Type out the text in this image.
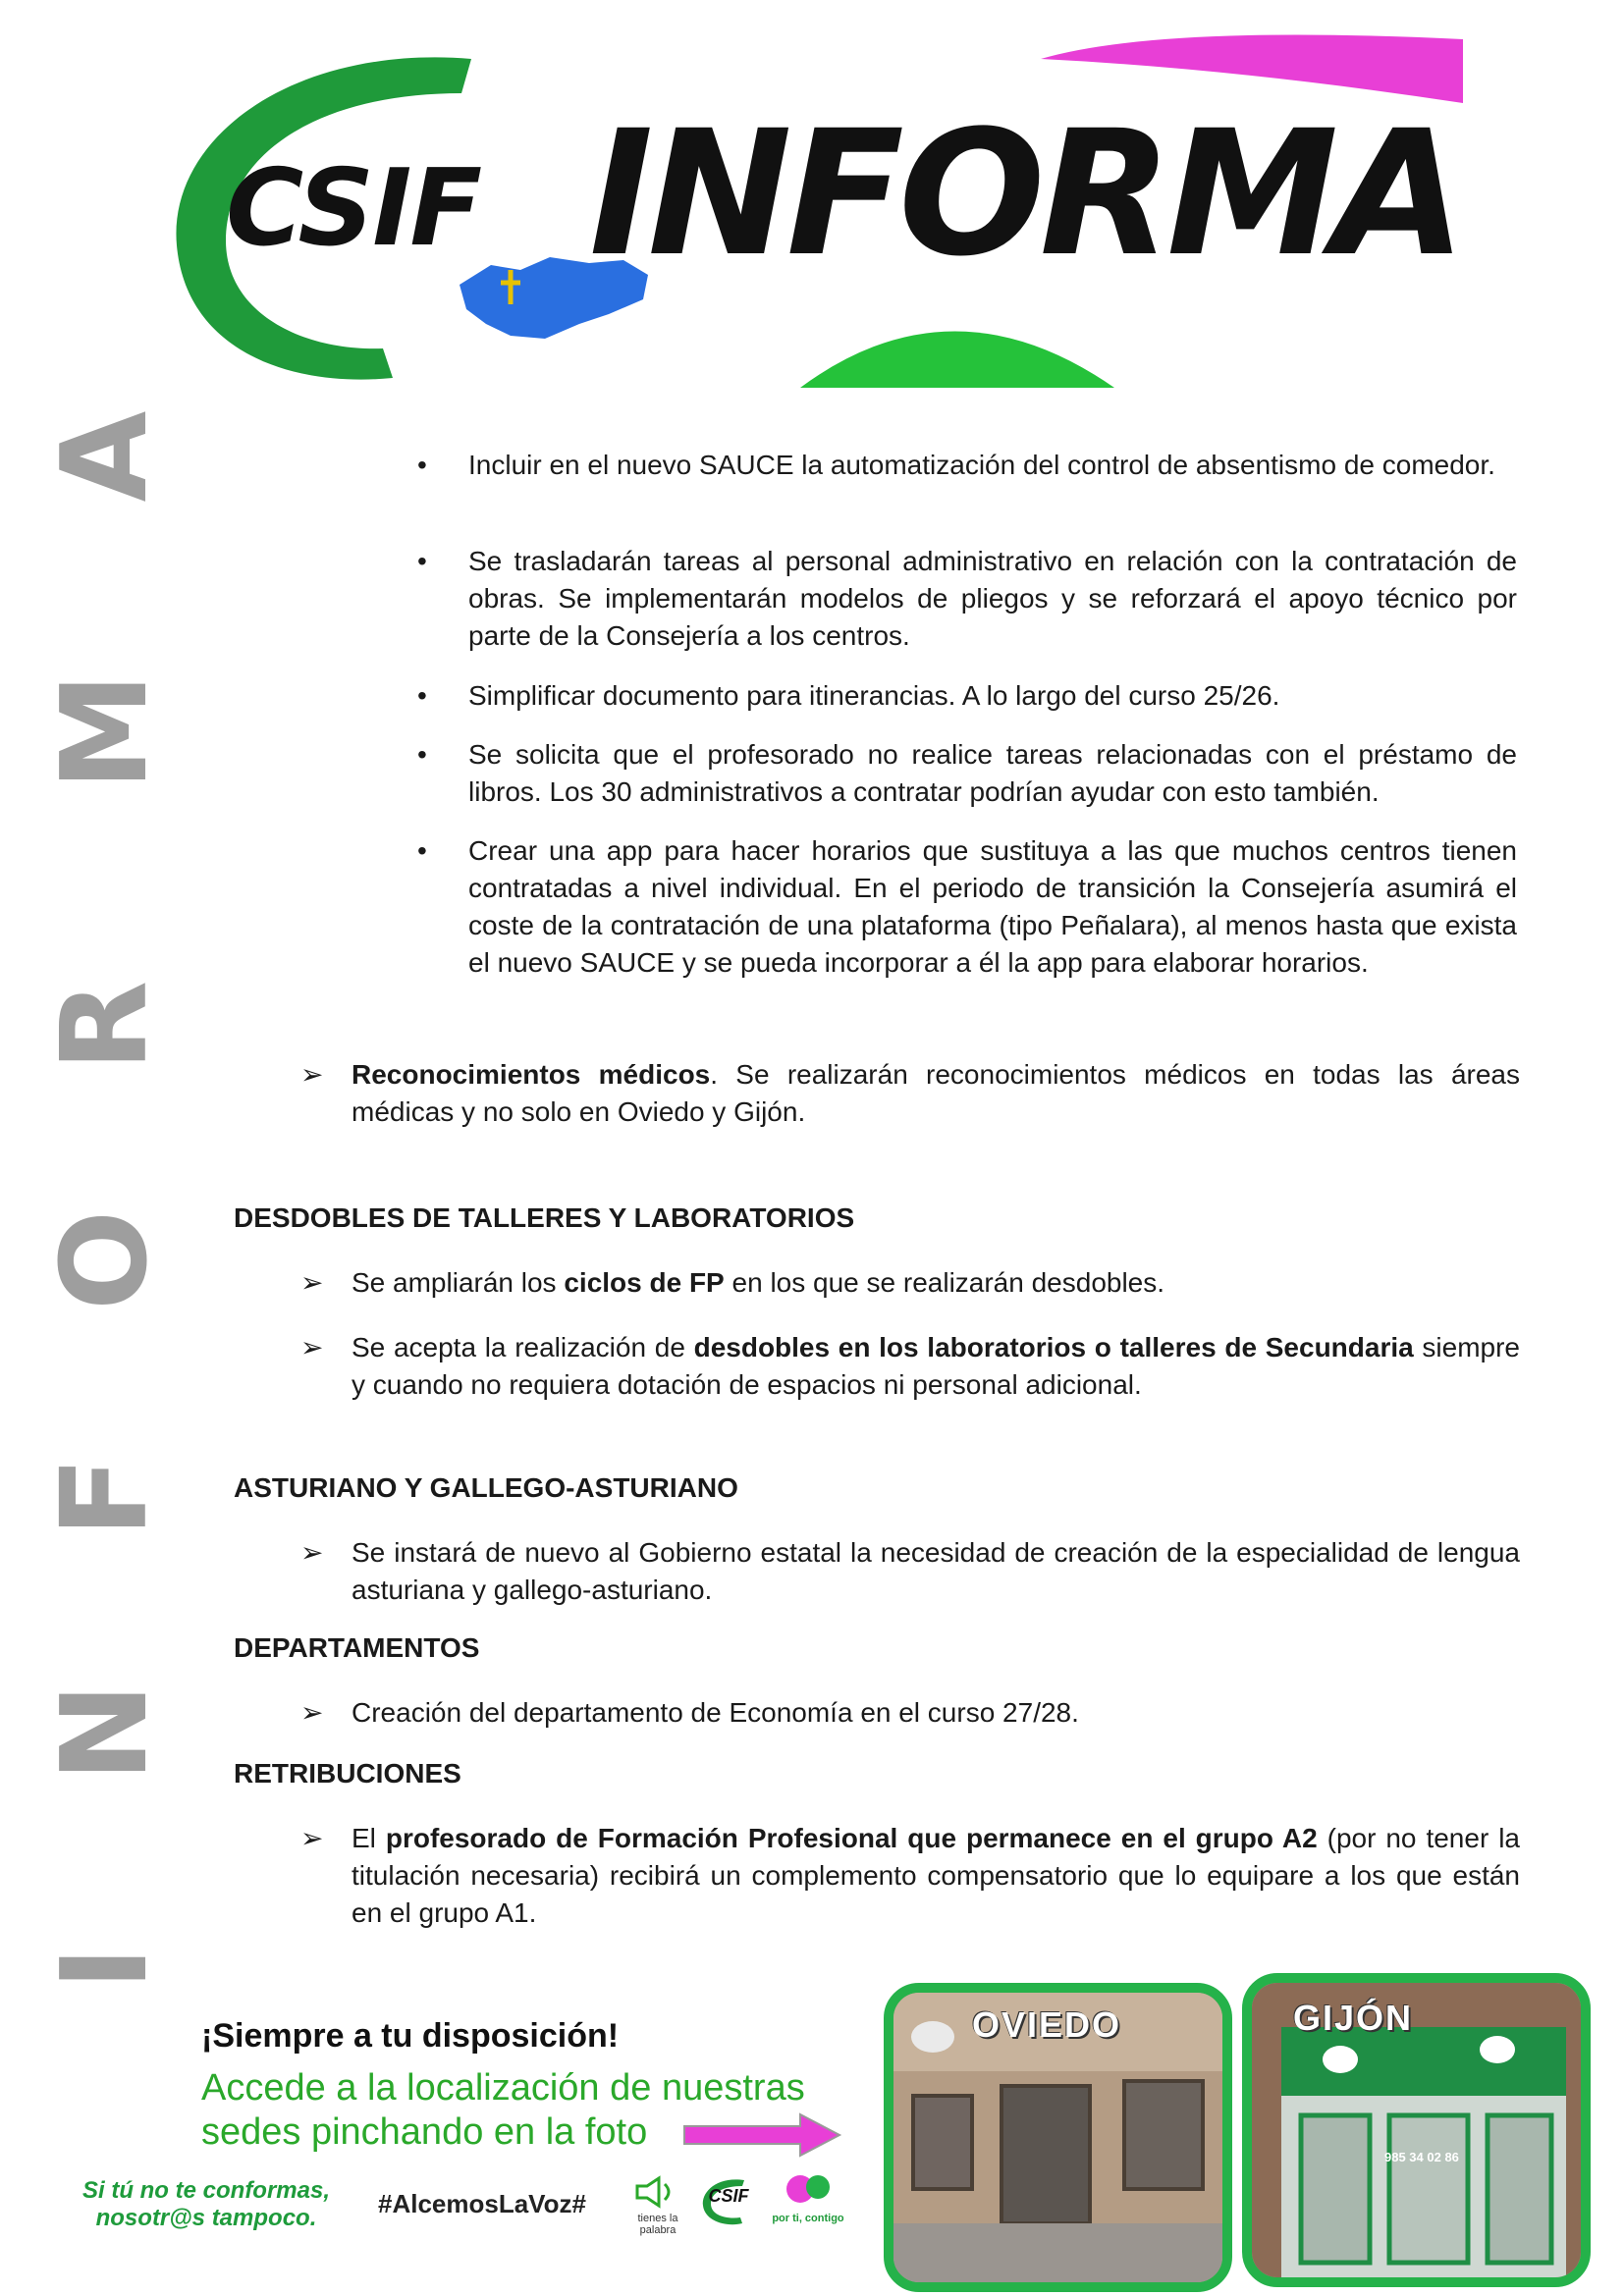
CSIF INFORMA
I
N
F
O
R
M
A	• Incluir en el nuevo SAUCE la automatización del control de absentismo de comedor.
• Se trasladarán tareas al personal administrativo en relación con la contratación de obras. Se implementarán modelos de pliegos y se reforzará el apoyo técnico por parte de la Consejería a los centros.
• Simplificar documento para itinerancias. A lo largo del curso 25/26.
• Se solicita que el profesorado no realice tareas relacionadas con el préstamo de libros. Los 30 administrativos a contratar podrían ayudar con esto también.
• Crear una app para hacer horarios que sustituya a las que muchos centros tienen contratadas a nivel individual. En el periodo de transición la Consejería asumirá el coste de la contratación de una plataforma (tipo Peñalara), al menos hasta que exista el nuevo SAUCE y se pueda incorporar a él la app para elaborar horarios.
➢ Reconocimientos médicos. Se realizarán reconocimientos médicos en todas las áreas médicas y no solo en Oviedo y Gijón.
DESDOBLES DE TALLERES Y LABORATORIOS
➢ Se ampliarán los ciclos de FP en los que se realizarán desdobles.
➢ Se acepta la realización de desdobles en los laboratorios o talleres de Secundaria siempre y cuando no requiera dotación de espacios ni personal adicional.
ASTURIANO Y GALLEGO-ASTURIANO
➢ Se instará de nuevo al Gobierno estatal la necesidad de creación de la especialidad de lengua asturiana y gallego-asturiano.
DEPARTAMENTOS
➢ Creación del departamento de Economía en el curso 27/28.
RETRIBUCIONES
➢ El profesorado de Formación Profesional que permanece en el grupo A2 (por no tener la titulación necesaria) recibirá un complemento compensatorio que lo equipare a los que están en el grupo A1.
¡Siempre a tu disposición!
Accede a la localización de nuestras
sedes pinchando en la foto
Si tú no te conformas,
nosotr@s tampoco.	#AlcemosLaVoz#	tienes la palabra
CSIF
por ti, contigo
OVIEDO	GIJÓN
985 34 02 86
